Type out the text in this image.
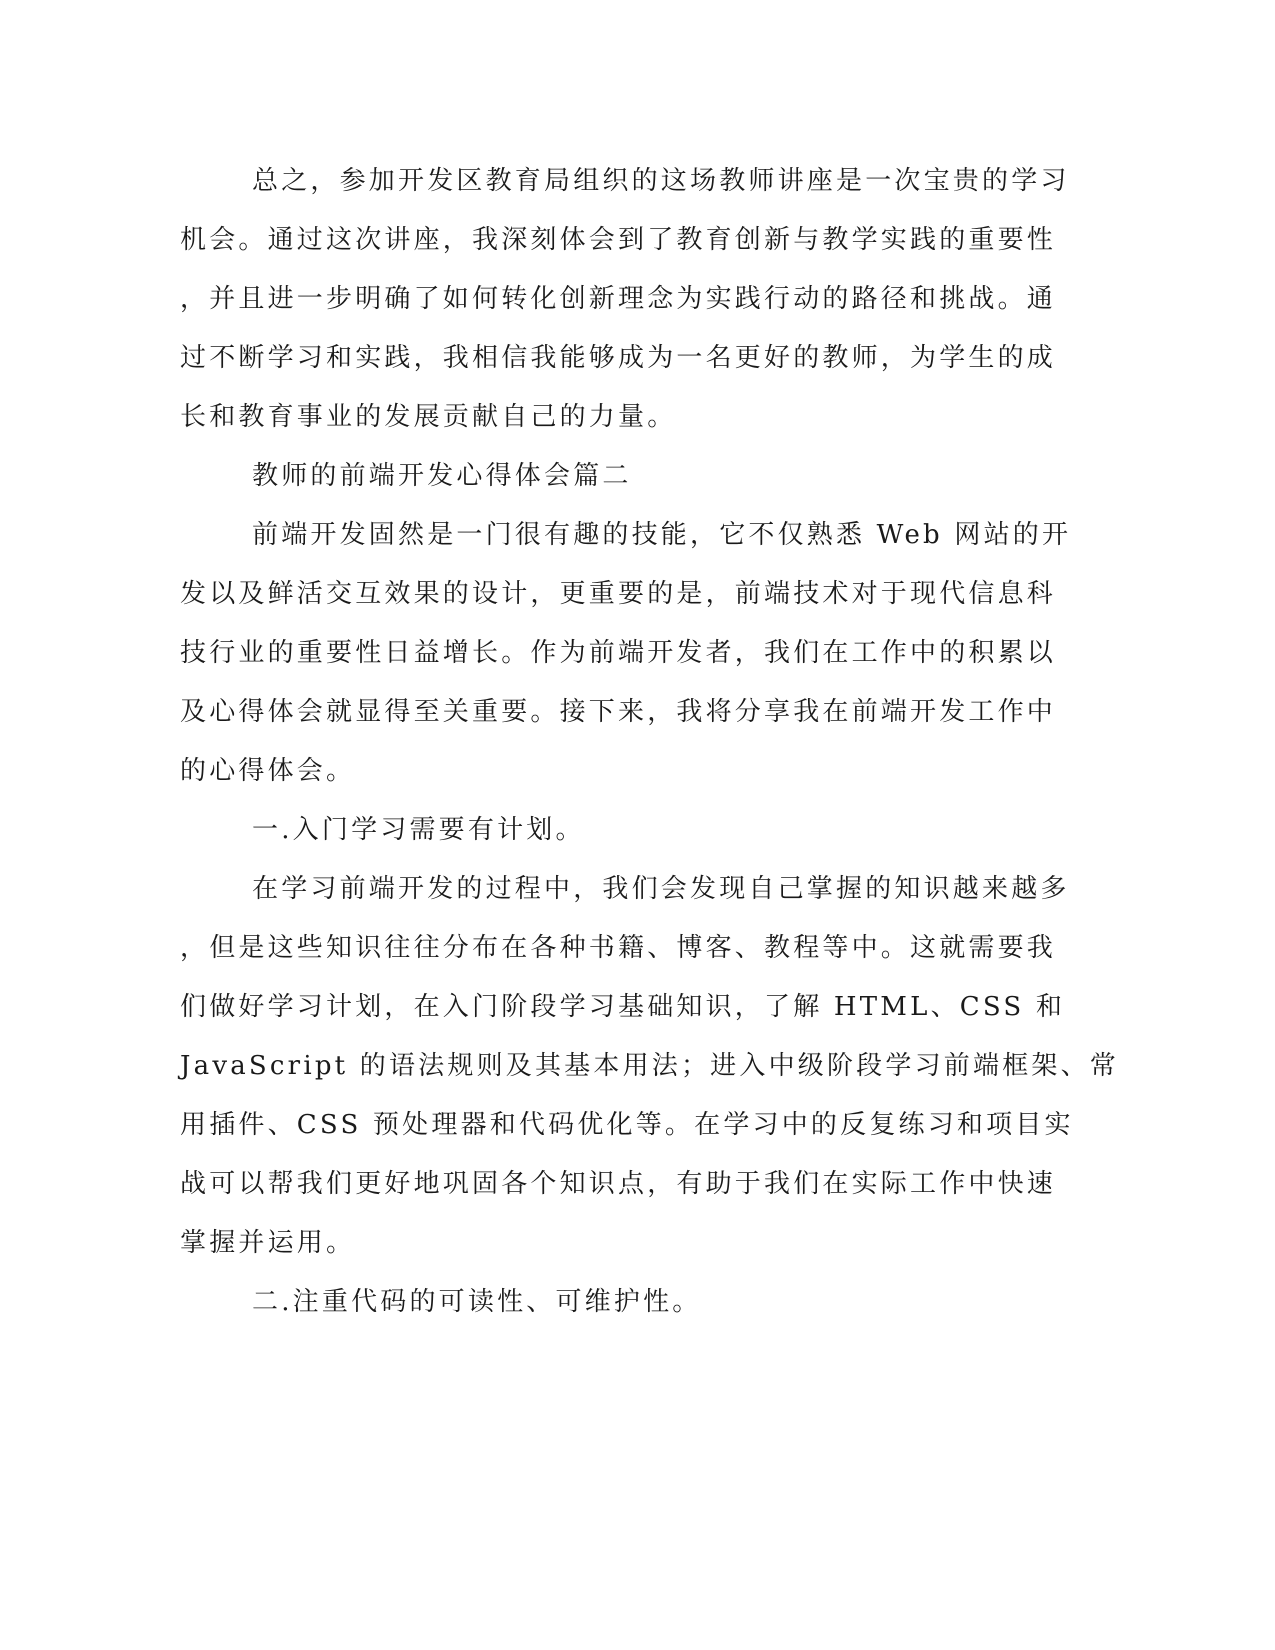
总之，参加开发区教育局组织的这场教师讲座是一次宝贵的学习
机会。通过这次讲座，我深刻体会到了教育创新与教学实践的重要性
，并且进一步明确了如何转化创新理念为实践行动的路径和挑战。通
过不断学习和实践，我相信我能够成为一名更好的教师，为学生的成
长和教育事业的发展贡献自己的力量。
教师的前端开发心得体会篇二
前端开发固然是一门很有趣的技能，它不仅熟悉 Web 网站的开
发以及鲜活交互效果的设计，更重要的是，前端技术对于现代信息科
技行业的重要性日益增长。作为前端开发者，我们在工作中的积累以
及心得体会就显得至关重要。接下来，我将分享我在前端开发工作中
的心得体会。
一.入门学习需要有计划。
在学习前端开发的过程中，我们会发现自己掌握的知识越来越多
，但是这些知识往往分布在各种书籍、博客、教程等中。这就需要我
们做好学习计划，在入门阶段学习基础知识，了解 HTML、CSS 和
JavaScript 的语法规则及其基本用法；进入中级阶段学习前端框架、常
用插件、CSS 预处理器和代码优化等。在学习中的反复练习和项目实
战可以帮我们更好地巩固各个知识点，有助于我们在实际工作中快速
掌握并运用。
二.注重代码的可读性、可维护性。
